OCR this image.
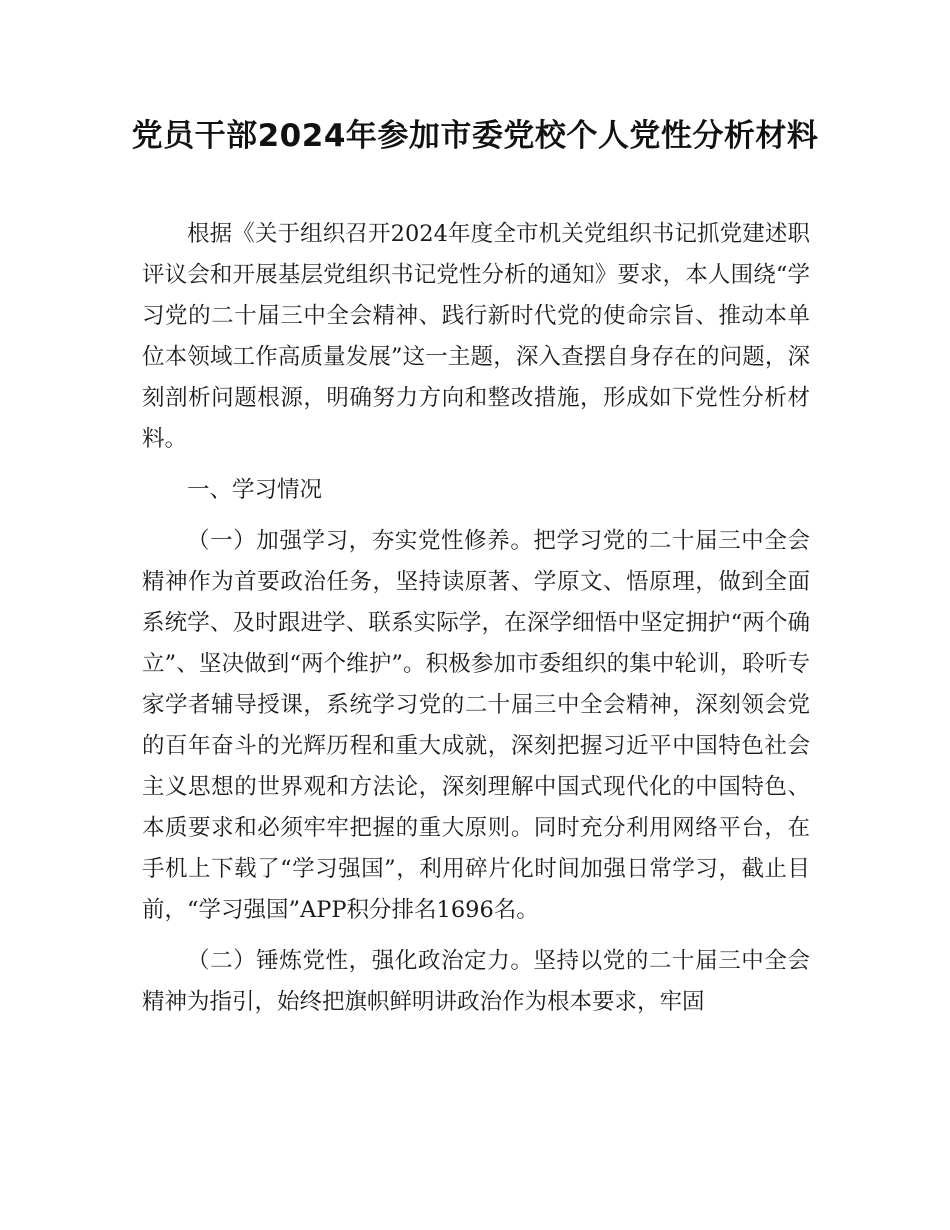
党员干部2024年参加市委党校个人党性分析材料

根据《关于组织召开2024年度全市机关党组织书记抓党建述职评议会和开展基层党组织书记党性分析的通知》要求，本人围绕“学习党的二十届三中全会精神、践行新时代党的使命宗旨、推动本单位本领域工作高质量发展”这一主题，深入查摆自身存在的问题，深刻剖析问题根源，明确努力方向和整改措施，形成如下党性分析材料。

一、学习情况

（一）加强学习，夯实党性修养。把学习党的二十届三中全会精神作为首要政治任务，坚持读原著、学原文、悟原理，做到全面系统学、及时跟进学、联系实际学，在深学细悟中坚定拥护“两个确立”、坚决做到“两个维护”。积极参加市委组织的集中轮训，聆听专家学者辅导授课，系统学习党的二十届三中全会精神，深刻领会党的百年奋斗的光辉历程和重大成就，深刻把握习近平中国特色社会主义思想的世界观和方法论，深刻理解中国式现代化的中国特色、本质要求和必须牢牢把握的重大原则。同时充分利用网络平台，在手机上下载了“学习强国”，利用碎片化时间加强日常学习，截止目前，“学习强国”APP积分排名1696名。

（二）锤炼党性，强化政治定力。坚持以党的二十届三中全会精神为指引，始终把旗帜鲜明讲政治作为根本要求，牢固
